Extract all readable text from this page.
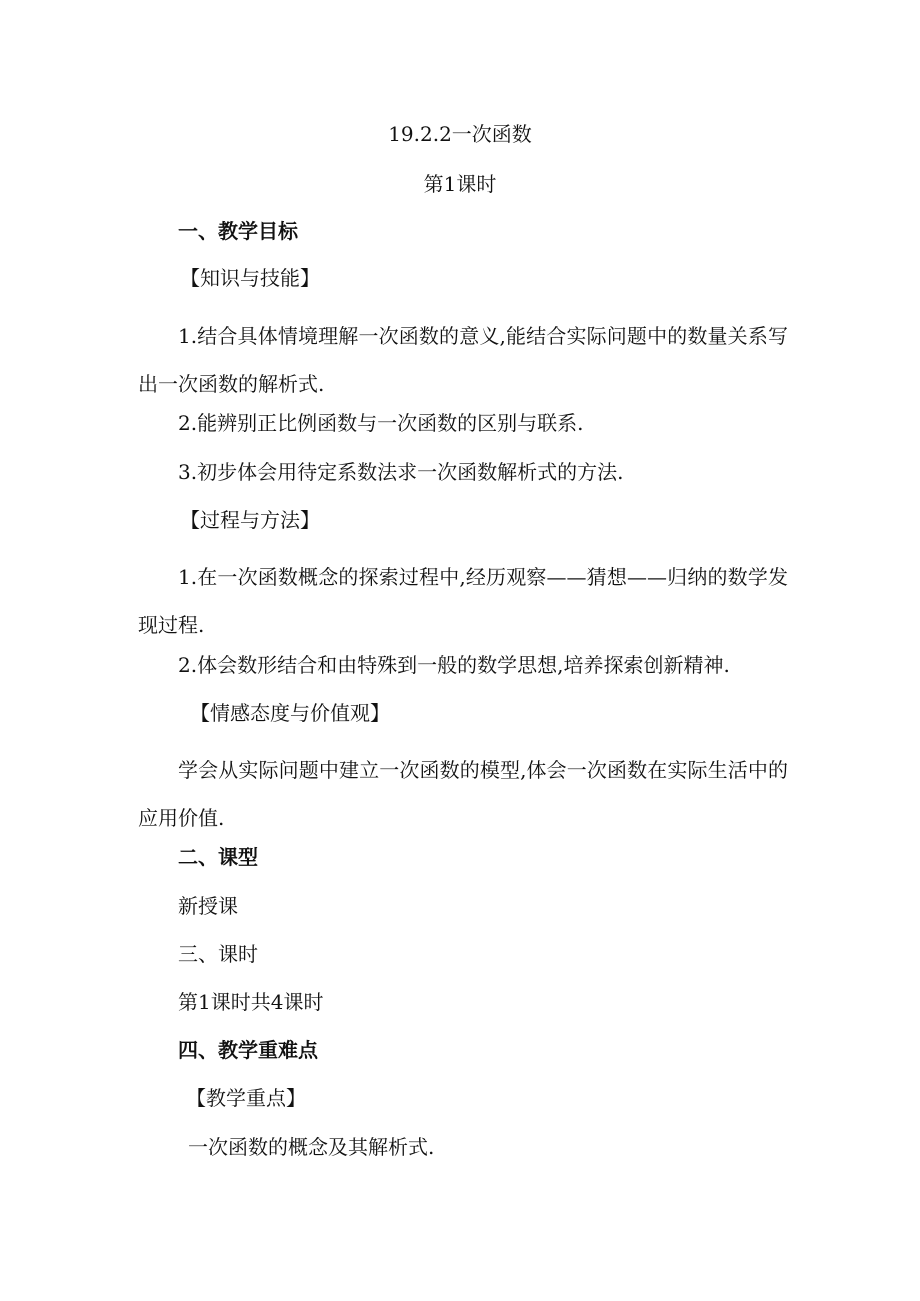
19.2.2一次函数
第1课时
一、教学目标
【知识与技能】
1.结合具体情境理解一次函数的意义,能结合实际问题中的数量关系写出一次函数的解析式.
2.能辨别正比例函数与一次函数的区别与联系.
3.初步体会用待定系数法求一次函数解析式的方法.
【过程与方法】
1.在一次函数概念的探索过程中,经历观察——猜想——归纳的数学发现过程.
2.体会数形结合和由特殊到一般的数学思想,培养探索创新精神.
【情感态度与价值观】
学会从实际问题中建立一次函数的模型,体会一次函数在实际生活中的应用价值.
二、课型
新授课
三、课时
第1课时共4课时
四、教学重难点
【教学重点】
一次函数的概念及其解析式.
